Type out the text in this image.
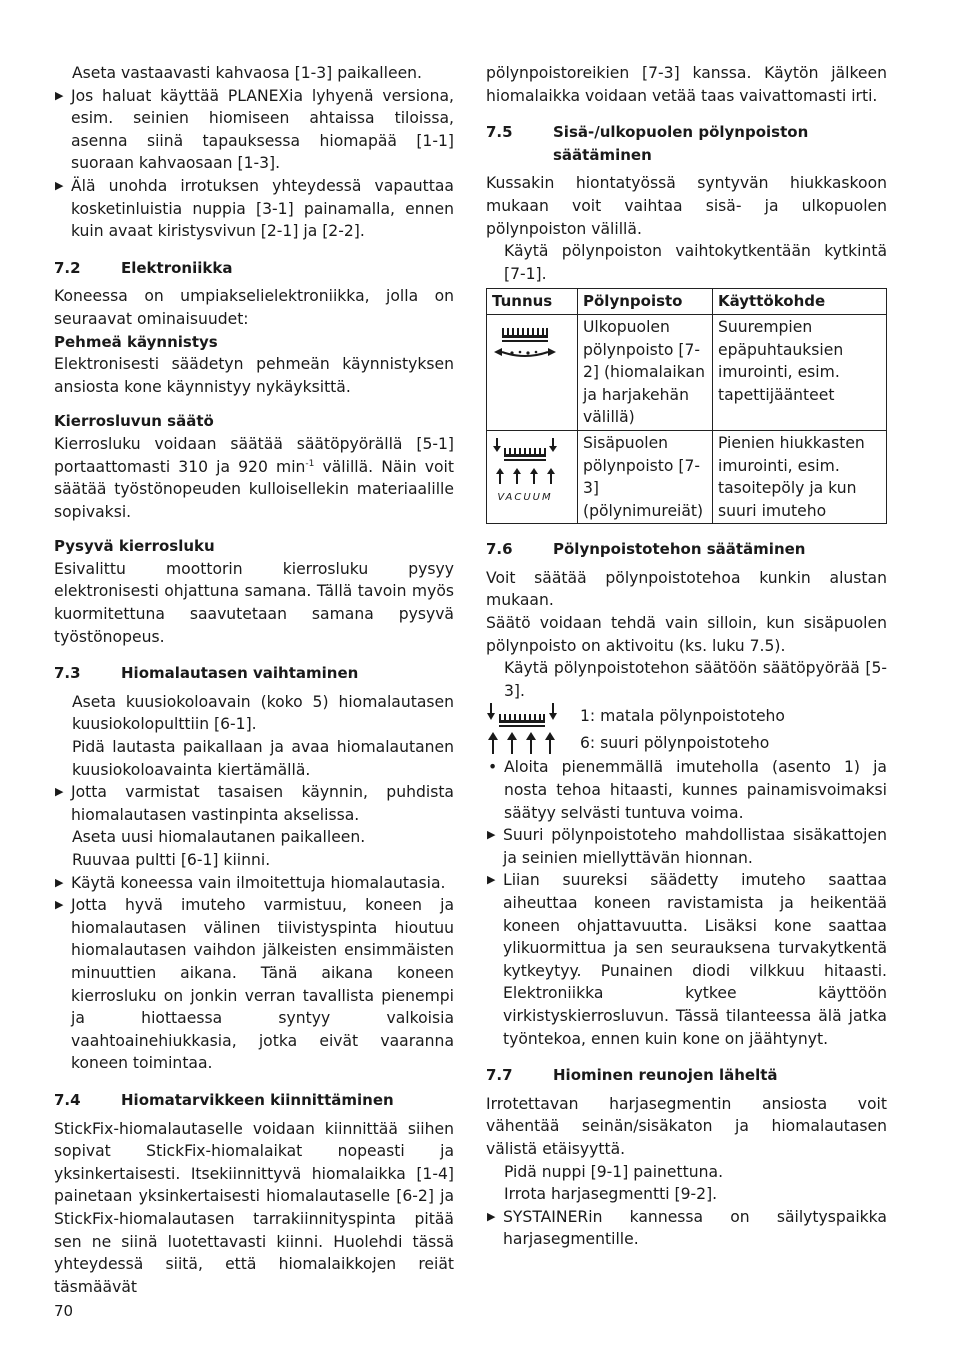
Aseta vastaavasti kahvaosa [1-3] paikalleen.

▶ Jos haluat käyttää PLANEXia lyhyenä versiona, esim. seinien hiomiseen ahtaissa tiloissa, asenna siinä tapauksessa hiomapää [1-1] suoraan kahvaosaan [1-3].

▶ Älä unohda irrotuksen yhteydessä vapauttaa kosketinluistia nuppia [3-1] painamalla, ennen kuin avaat kiristysvivun [2-1] ja [2-2].

7.2	Elektroniikka

Koneessa on umpiakselielektroniikka, jolla on seuraavat ominaisuudet:

Pehmeä käynnistys

Elektronisesti säädetyn pehmeän käynnistyksen ansiosta kone käynnistyy nykäyksittä.

Kierrosluvun säätö

Kierrosluku voidaan säätää säätöpyörällä [5-1] portaattomasti 310 ja 920 $\min^{-1}$ välillä. Näin voit säätää työstönopeuden kulloisellekin materiaalille sopivaksi.

Pysyvä kierrosluku

Esivalittu moottorin kierrosluku pysyy elektronisesti ohjattuna samana. Tällä tavoin myös kuormitettuna saavutetaan samana pysyvä työstönopeus.

7.3	Hiomalautasen vaihtaminen

Aseta kuusiokoloavain (koko 5) hiomalautasen kuusiokolopulttiin [6-1].

Pidä lautasta paikallaan ja avaa hiomalautanen kuusiokoloavainta kiertämällä.

▶ Jotta varmistat tasaisen käynnin, puhdista hiomalautasen vastinpinta akselissa.

Aseta uusi hiomalautanen paikalleen.

Ruuvaa pultti [6-1] kiinni.

▶ Käytä koneessa vain ilmoitettuja hiomalautasia.

▶ Jotta hyvä imuteho varmistuu, koneen ja hiomalautasen välinen tiivistyspinta hioutuu hiomalautasen vaihdon jälkeisten ensimmäisten minuuttien aikana. Tänä aikana koneen kierrosluku on jonkin verran tavallista pienempi ja hiottaessa syntyy valkoisia vaahtoainehiukkasia, jotka eivät vaaranna koneen toimintaa.

7.4	Hiomatarvikkeen kiinnittäminen

StickFix-hiomalautaselle voidaan kiinnittää siihen sopivat StickFix-hiomalaikat nopeasti ja yksinkertaisesti. Itsekiinnittyvä hiomalaikka [1-4] painetaan yksinkertaisesti hiomalautaselle [6-2] ja StickFix-hiomalautasen tarrakiinnityspinta pitää sen ne siinä luotettavasti kiinni. Huolehdi tässä yhteydessä siitä, että hiomalaikkojen reiät täsmäävät

pölynpoistoreikien [7-3] kanssa. Käytön jälkeen hiomalaikka voidaan vetää taas vaivattomasti irti.

7.5	Sisä-/ulkopuolen pölynpoiston säätäminen

Kussakin hiontatyössä syntyvän hiukkaskoon mukaan voit vaihtaa sisä- ja ulkopuolen pölynpoiston välillä.

Käytä pölynpoiston vaihtokytkentään kytkintä [7-1].

Tunnus	Pölynpoisto	Käyttökohde
	Ulkopuolen pölynpoisto [7-2] (hiomalaikan ja harjakehän välillä)	Suurempien epäpuhtauksien imurointi, esim. tapettijäänteet

VACUUM	Sisäpuolen pölynpoisto [7-3] (pölynimureiät)	Pienien hiukkasten imurointi, esim. tasoitepöly ja kun suuri imuteho
7.6	Pölynpoistotehon säätäminen

Voit säätää pölynpoistotehoa kunkin alustan mukaan.

Säätö voidaan tehdä vain silloin, kun sisäpuolen pölynpoisto on aktivoitu (ks. luku 7.5).

Käytä pölynpoistotehon säätöön säätöpyörää [5-3].

1: matala pölynpoistoteho
6: suuri pölynpoistoteho

• Aloita pienemmällä imuteholla (asento 1) ja nosta tehoa hitaasti, kunnes painamisvoimaksi säätyy selvästi tuntuva voima.

▶ Suuri pölynpoistoteho mahdollistaa sisäkattojen ja seinien miellyttävän hionnan.

▶ Liian suureksi säädetty imuteho saattaa aiheuttaa koneen ravistamista ja heikentää koneen ohjattavuutta. Lisäksi kone saattaa ylikuormittua ja sen seurauksena turvakytkentä kytkeytyy. Punainen diodi vilkkuu hitaasti. Elektroniikka kytkee käyttöön virkistyskierrosluvun. Tässä tilanteessa älä jatka työntekoa, ennen kuin kone on jäähtynyt.

7.7	Hiominen reunojen läheltä

Irrotettavan harjasegmentin ansiosta voit vähentää seinän/sisäkaton ja hiomalautasen välistä etäisyyttä.

Pidä nuppi [9-1] painettuna.

Irrota harjasegmentti [9-2].

▶ SYSTAINERin kannessa on säilytyspaikka harjasegmentille.

70
